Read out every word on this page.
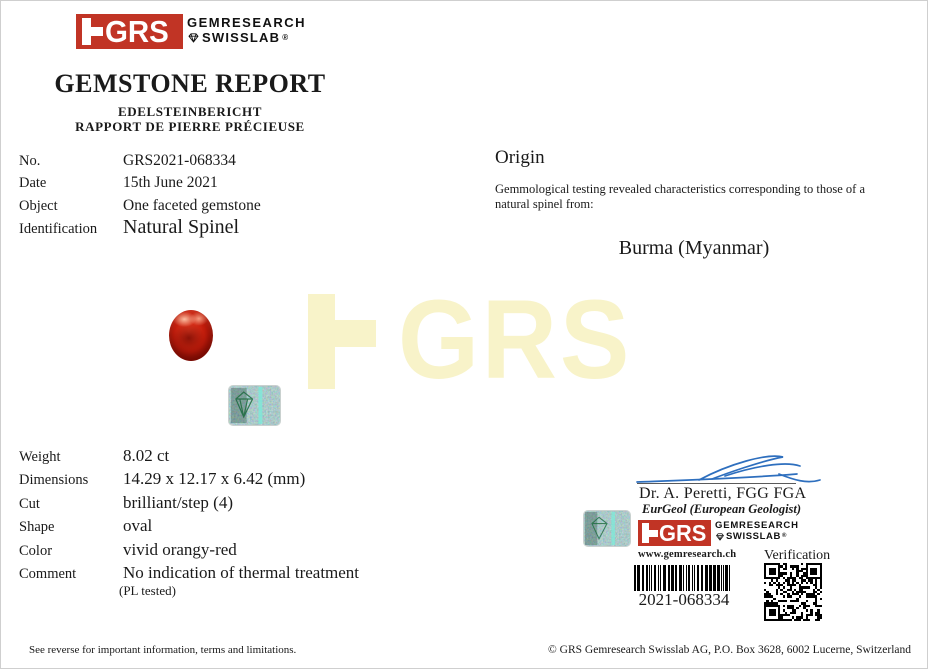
GRS
GRS GEMRESEARCH
SWISSLAB ®
GEMSTONE REPORT
EDELSTEINBERICHT
RAPPORT DE PIERRE PRÉCIEUSE
No.	GRS2021-068334
Date	15th June 2021
Object	One faceted gemstone
Identification Natural Spinel
Origin

Gemmological testing revealed characteristics corresponding to those of a natural spinel from:

Burma (Myanmar)
Weight	8.02 ct
Dimensions 14.29 x 12.17 x 6.42 (mm)
Cut	brilliant/step (4)
Shape	oval
Color	vivid orangy-red
Comment	No indication of thermal treatment
(PL tested)
Dr. A. Peretti, FGG FGA
EurGeol (European Geologist)
GRS GEMRESEARCH
SWISSLAB ®
www.gemresearch.ch Verification
2021-068334
See reverse for important information, terms and limitations.	© GRS Gemresearch Swisslab AG, P.O. Box 3628, 6002 Lucerne, Switzerland
